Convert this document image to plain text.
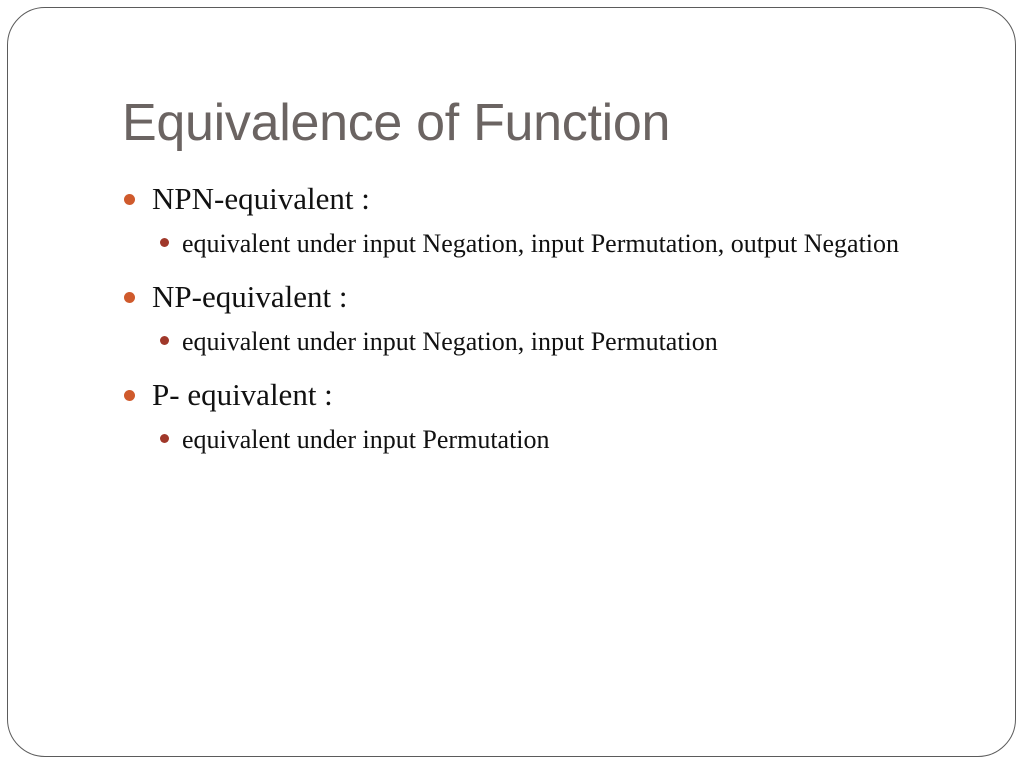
Equivalence of Function
NPN-equivalent :
equivalent under input Negation, input Permutation, output Negation
NP-equivalent :
equivalent under input Negation, input Permutation
P- equivalent :
equivalent under input Permutation
